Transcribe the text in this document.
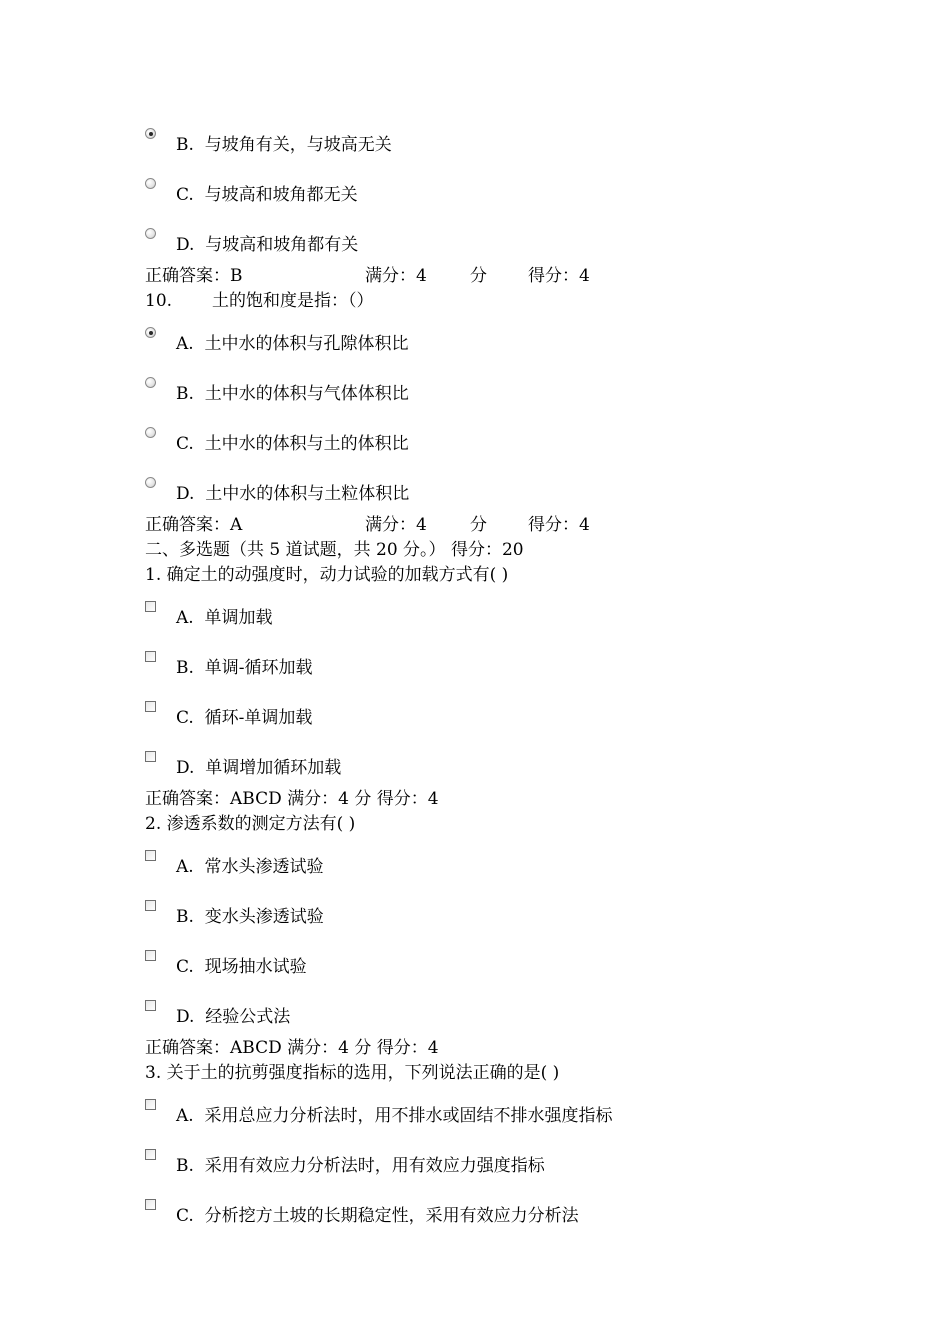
B. 与坡角有关，与坡高无关
C. 与坡高和坡角都无关
D. 与坡高和坡角都有关
正确答案：B	满分：4	分 得分：4
10. 土的饱和度是指：（）
A. 土中水的体积与孔隙体积比
B. 土中水的体积与气体体积比
C. 土中水的体积与土的体积比
D. 土中水的体积与土粒体积比
正确答案：A	满分：4	分 得分：4
二、多选题（共 5 道试题，共 20 分。） 得分：20
1. 确定土的动强度时，动力试验的加载方式有( )
A. 单调加载
B. 单调-循环加载
C. 循环-单调加载
D. 单调增加循环加载
正确答案：ABCD 满分：4 分 得分：4
2. 渗透系数的测定方法有( )
A. 常水头渗透试验
B. 变水头渗透试验
C. 现场抽水试验
D. 经验公式法
正确答案：ABCD 满分：4 分 得分：4
3. 关于土的抗剪强度指标的选用，下列说法正确的是( )
A. 采用总应力分析法时，用不排水或固结不排水强度指标
B. 采用有效应力分析法时，用有效应力强度指标
C. 分析挖方土坡的长期稳定性，采用有效应力分析法
